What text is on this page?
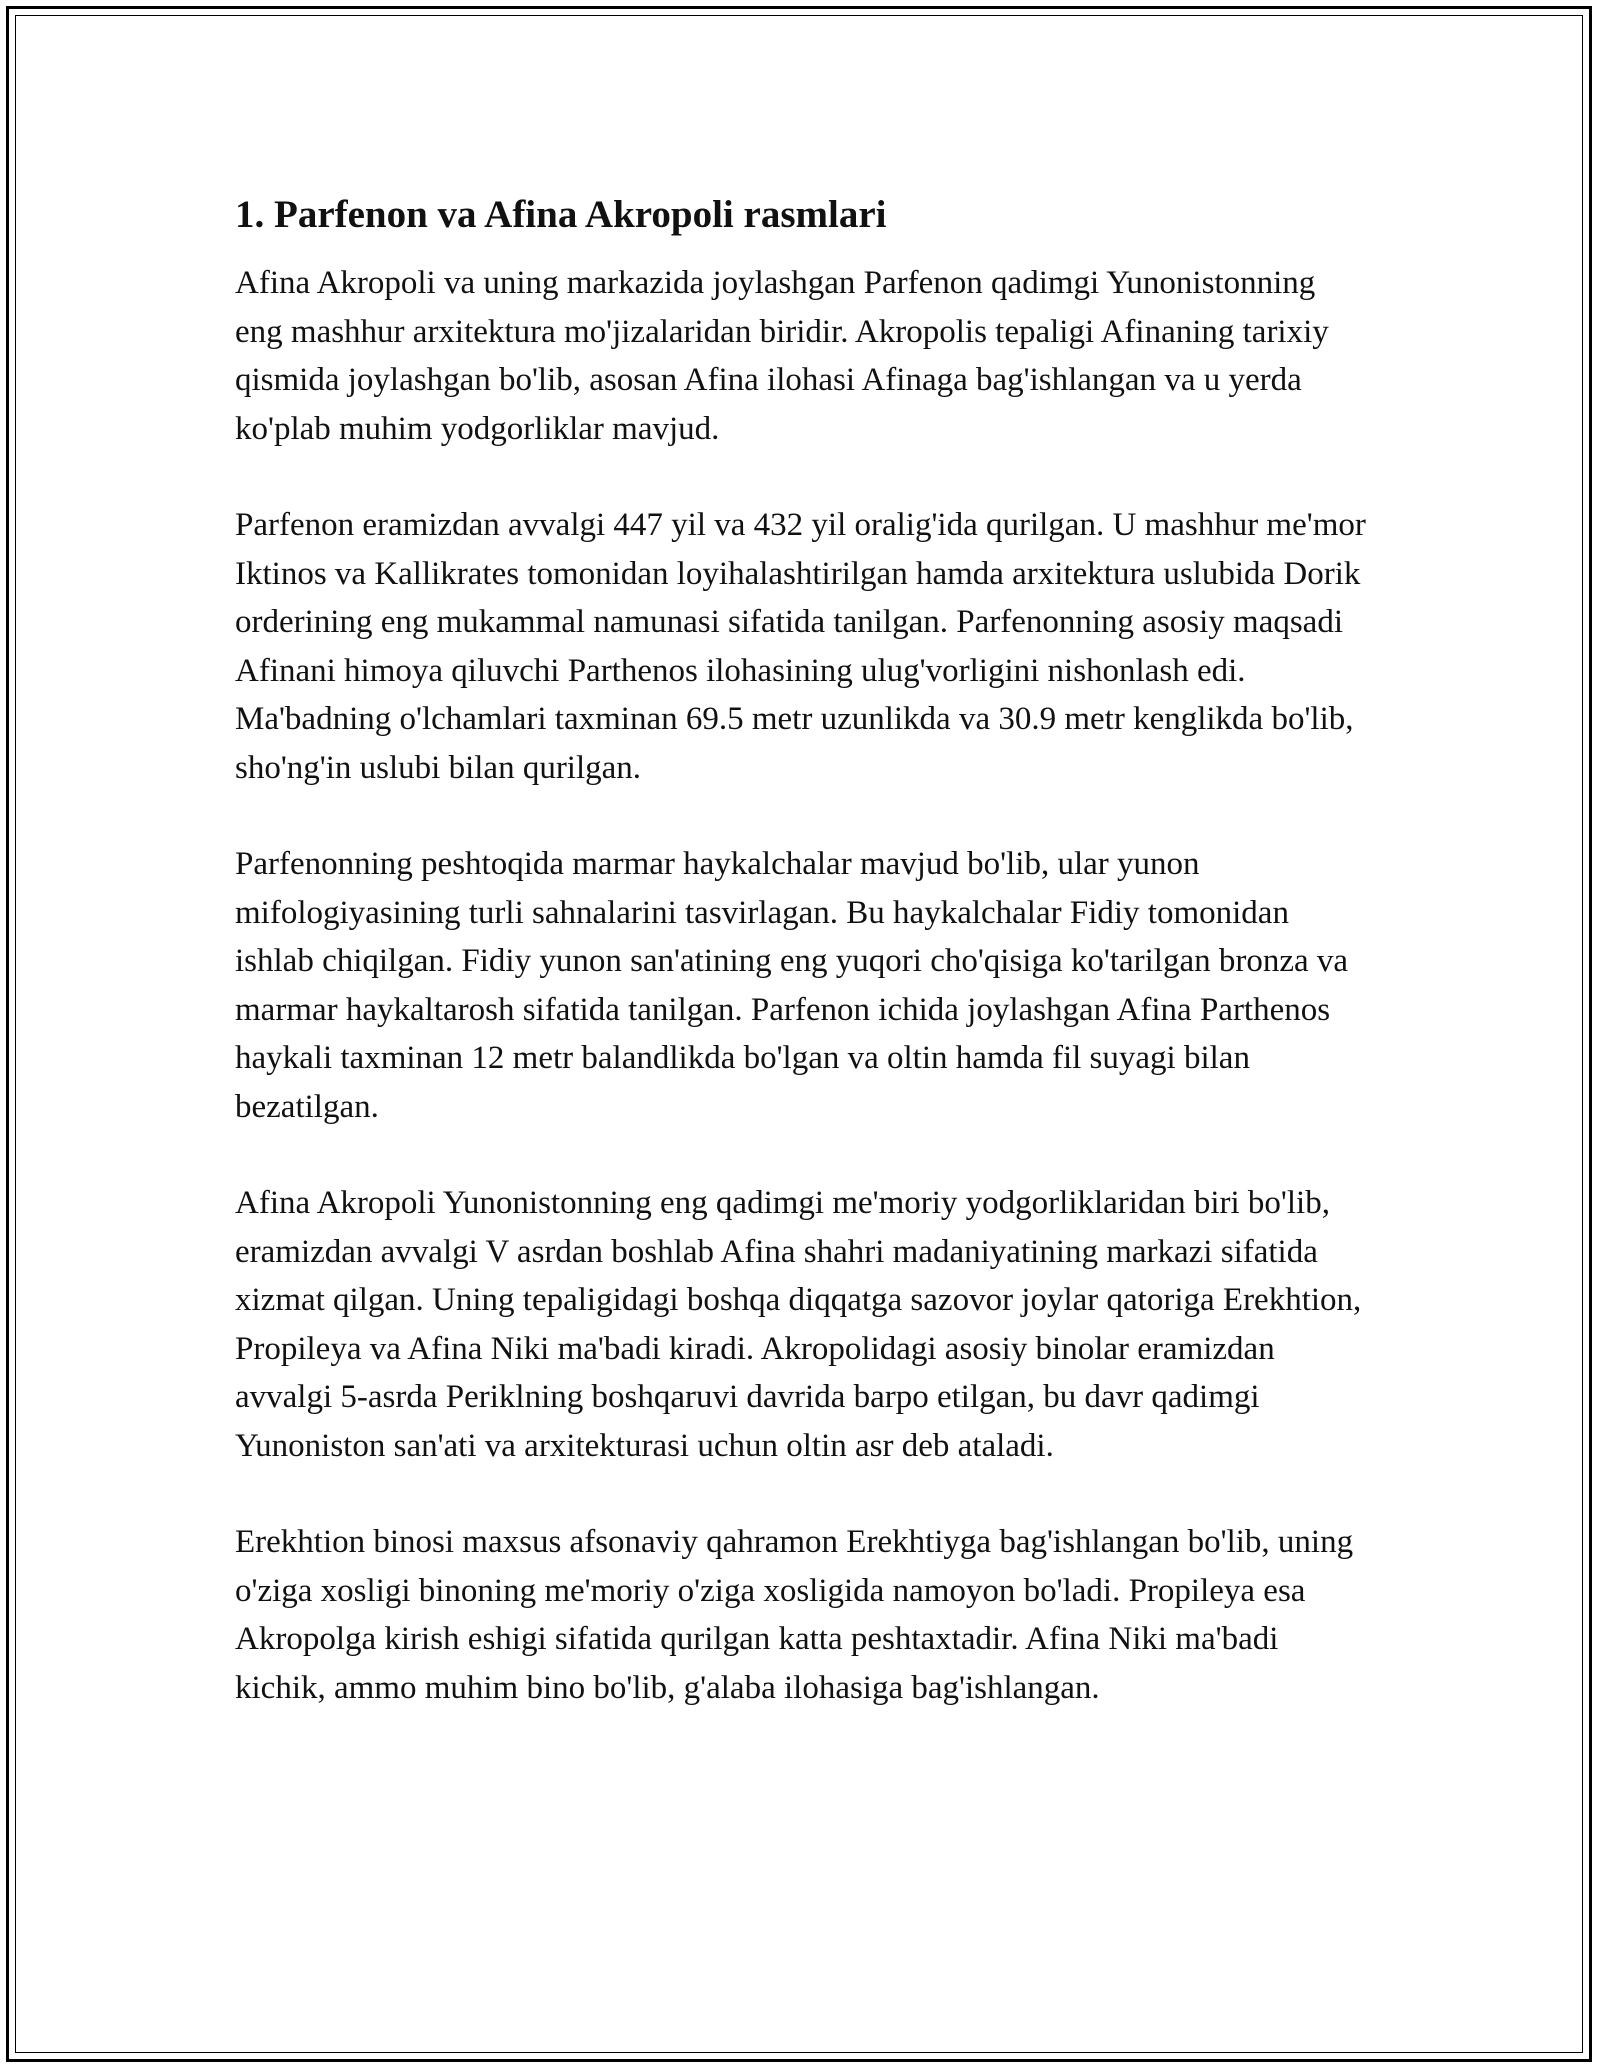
1. Parfenon va Afina Akropoli rasmlari

Afina Akropoli va uning markazida joylashgan Parfenon qadimgi Yunonistonning eng mashhur arxitektura mo'jizalaridan biridir. Akropolis tepaligi Afinaning tarixiy qismida joylashgan bo'lib, asosan Afina ilohasi Afinaga bag'ishlangan va u yerda ko'plab muhim yodgorliklar mavjud.

Parfenon eramizdan avvalgi 447 yil va 432 yil oralig'ida qurilgan. U mashhur me'mor Iktinos va Kallikrates tomonidan loyihalashtirilgan hamda arxitektura uslubida Dorik orderining eng mukammal namunasi sifatida tanilgan. Parfenonning asosiy maqsadi Afinani himoya qiluvchi Parthenos ilohasining ulug'vorligini nishonlash edi. Ma'badning o'lchamlari taxminan 69.5 metr uzunlikda va 30.9 metr kenglikda bo'lib, sho'ng'in uslubi bilan qurilgan.

Parfenonning peshtoqida marmar haykalchalar mavjud bo'lib, ular yunon mifologiyasining turli sahnalarini tasvirlagan. Bu haykalchalar Fidiy tomonidan ishlab chiqilgan. Fidiy yunon san'atining eng yuqori cho'qisiga ko'tarilgan bronza va marmar haykaltarosh sifatida tanilgan. Parfenon ichida joylashgan Afina Parthenos haykali taxminan 12 metr balandlikda bo'lgan va oltin hamda fil suyagi bilan bezatilgan.

Afina Akropoli Yunonistonning eng qadimgi me'moriy yodgorliklaridan biri bo'lib, eramizdan avvalgi V asrdan boshlab Afina shahri madaniyatining markazi sifatida xizmat qilgan. Uning tepaligidagi boshqa diqqatga sazovor joylar qatoriga Erekhtion, Propileya va Afina Niki ma'badi kiradi. Akropolidagi asosiy binolar eramizdan avvalgi 5-asrda Periklning boshqaruvi davrida barpo etilgan, bu davr qadimgi Yunoniston san'ati va arxitekturasi uchun oltin asr deb ataladi.

Erekhtion binosi maxsus afsonaviy qahramon Erekhtiyga bag'ishlangan bo'lib, uning o'ziga xosligi binoning me'moriy o'ziga xosligida namoyon bo'ladi. Propileya esa Akropolga kirish eshigi sifatida qurilgan katta peshtaxtadir. Afina Niki ma'badi kichik, ammo muhim bino bo'lib, g'alaba ilohasiga bag'ishlangan.
